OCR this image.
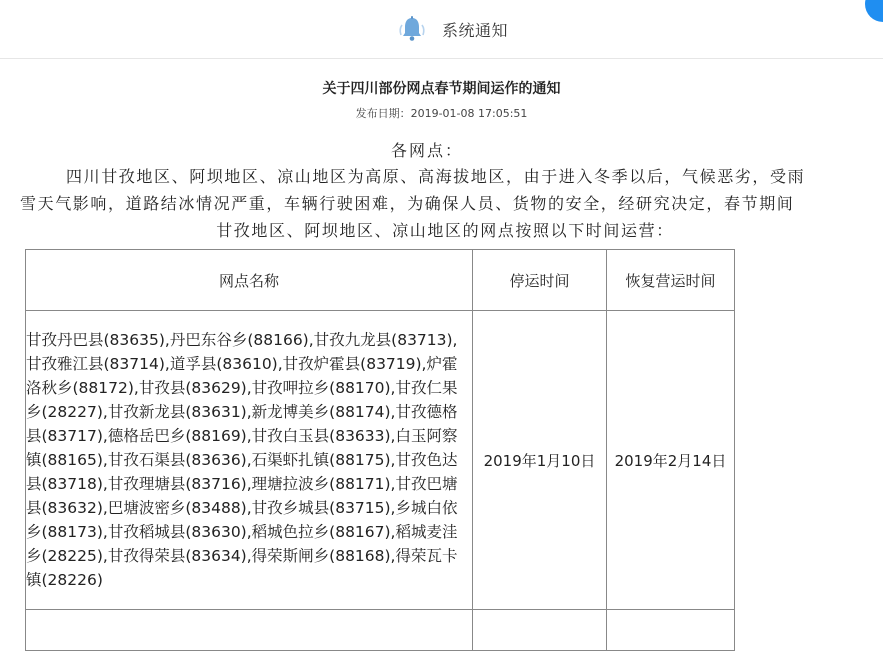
系统通知
关于四川部份网点春节期间运作的通知
发布日期：2019-01-08 17:05:51
各网点：
四川甘孜地区、阿坝地区、凉山地区为高原、高海拔地区，由于进入冬季以后，气候恶劣，受雨
雪天气影响，道路结冰情况严重，车辆行驶困难，为确保人员、货物的安全，经研究决定，春节期间
甘孜地区、阿坝地区、凉山地区的网点按照以下时间运营：
网点名称	停运时间	恢复营运时间
甘孜丹巴县(83635),丹巴东谷乡(88166),甘孜九龙县(83713),甘孜雅江县(83714),道孚县(83610),甘孜炉霍县(83719),炉霍洛秋乡(88172),甘孜县(83629),甘孜呷拉乡(88170),甘孜仁果乡(28227),甘孜新龙县(83631),新龙博美乡(88174),甘孜德格县(83717),德格岳巴乡(88169),甘孜白玉县(83633),白玉阿察镇(88165),甘孜石渠县(83636),石渠虾扎镇(88175),甘孜色达县(83718),甘孜理塘县(83716),理塘拉波乡(88171),甘孜巴塘县(83632),巴塘波密乡(83488),甘孜乡城县(83715),乡城白依乡(88173),甘孜稻城县(83630),稻城色拉乡(88167),稻城麦洼乡(28225),甘孜得荣县(83634),得荣斯闸乡(88168),得荣瓦卡镇(28226)	2019年1月10日	2019年2月14日
